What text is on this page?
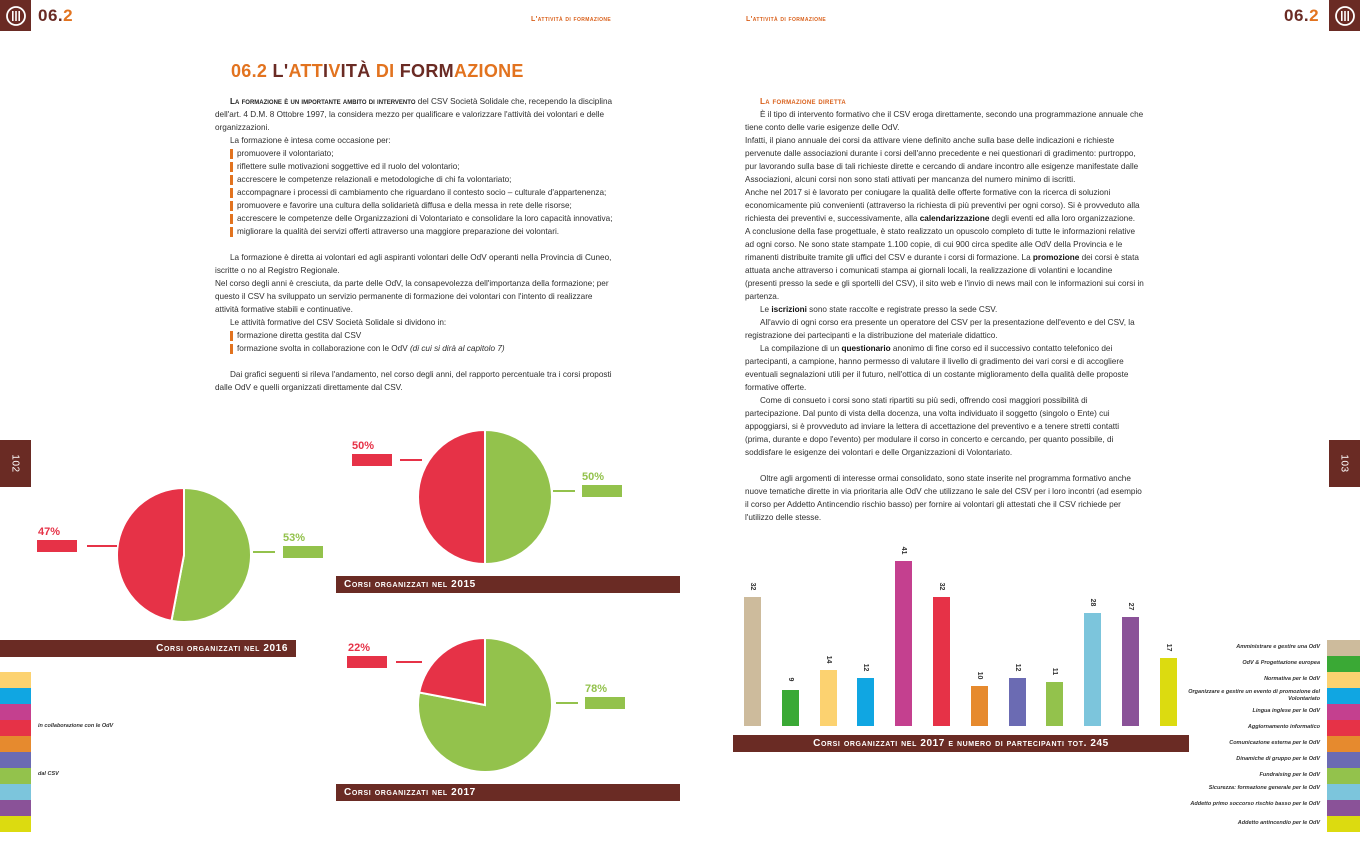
06.2	L'attività di formazione	L'attività di formazione	06.2
06.2 L'ATTIVITÀ DI FORMAZIONE

La formazione è un importante ambito di intervento del CSV Società Solidale che, recependo la disciplina dell'art. 4 D.M. 8 Ottobre 1997, la considera mezzo per qualificare e valorizzare l'attività dei volontari e delle organizzazioni.

La formazione è intesa come occasione per:

promuovere il volontariato;

riflettere sulle motivazioni soggettive ed il ruolo del volontario;

accrescere le competenze relazionali e metodologiche di chi fa volontariato;

accompagnare i processi di cambiamento che riguardano il contesto socio – culturale d'appartenenza;

promuovere e favorire una cultura della solidarietà diffusa e della messa in rete delle risorse;

accrescere le competenze delle Organizzazioni di Volontariato e consolidare la loro capacità innovativa;

migliorare la qualità dei servizi offerti attraverso una maggiore preparazione dei volontari.

La formazione è diretta ai volontari ed agli aspiranti volontari delle OdV operanti nella Provincia di Cuneo, iscritte o no al Registro Regionale.

Nel corso degli anni è cresciuta, da parte delle OdV, la consapevolezza dell'importanza della formazione; per questo il CSV ha sviluppato un servizio permanente di formazione dei volontari con l'intento di realizzare attività formative stabili e continuative.

Le attività formative del CSV Società Solidale si dividono in:

formazione diretta gestita dal CSV

formazione svolta in collaborazione con le OdV (di cui si dirà al capitolo 7)

Dai grafici seguenti si rileva l'andamento, nel corso degli anni, del rapporto percentuale tra i corsi proposti dalle OdV e quelli organizzati direttamente dal CSV.

La formazione diretta

È il tipo di intervento formativo che il CSV eroga direttamente, secondo una programmazione annuale che tiene conto delle varie esigenze delle OdV.

Infatti, il piano annuale dei corsi da attivare viene definito anche sulla base delle indicazioni e richieste pervenute dalle associazioni durante i corsi dell'anno precedente e nei questionari di gradimento: purtroppo, pur lavorando sulla base di tali richieste dirette e cercando di andare incontro alle esigenze manifestate dalle Associazioni, alcuni corsi non sono stati attivati per mancanza del numero minimo di iscritti.

Anche nel 2017 si è lavorato per coniugare la qualità delle offerte formative con la ricerca di soluzioni economicamente più convenienti (attraverso la richiesta di più preventivi per ogni corso). Si è provveduto alla richiesta dei preventivi e, successivamente, alla calendarizzazione degli eventi ed alla loro organizzazione.

A conclusione della fase progettuale, è stato realizzato un opuscolo completo di tutte le informazioni relative ad ogni corso. Ne sono state stampate 1.100 copie, di cui 900 circa spedite alle OdV della Provincia e le rimanenti distribuite tramite gli uffici del CSV e durante i corsi di formazione. La promozione dei corsi è stata attuata anche attraverso i comunicati stampa ai giornali locali, la realizzazione di volantini e locandine (presenti presso la sede e gli sportelli del CSV), il sito web e l'invio di news mail con le informazioni sui corsi in partenza.

Le iscrizioni sono state raccolte e registrate presso la sede CSV.

All'avvio di ogni corso era presente un operatore del CSV per la presentazione dell'evento e del CSV, la registrazione dei partecipanti e la distribuzione del materiale didattico.

La compilazione di un questionario anonimo di fine corso ed il successivo contatto telefonico dei partecipanti, a campione, hanno permesso di valutare il livello di gradimento dei vari corsi e di accogliere eventuali segnalazioni utili per il futuro, nell'ottica di un costante miglioramento della qualità delle proposte formative offerte.

Come di consueto i corsi sono stati ripartiti su più sedi, offrendo così maggiori possibilità di partecipazione. Dal punto di vista della docenza, una volta individuato il soggetto (singolo o Ente) cui appoggiarsi, si è provveduto ad inviare la lettera di accettazione del preventivo e a tenere stretti contatti (prima, durante e dopo l'evento) per modulare il corso in concerto e cercando, per quanto possibile, di soddisfare le esigenze dei volontari e delle Organizzazioni di Volontariato.

Oltre agli argomenti di interesse ormai consolidato, sono state inserite nel programma formativo anche nuove tematiche dirette in via prioritaria alle OdV che utilizzano le sale del CSV per i loro incontri (ad esempio il corso per Addetto Antincendio rischio basso) per fornire ai volontari gli attestati che il CSV richiede per l'utilizzo delle stesse.

102	103
47%	53%
Corsi organizzati nel 2016
50%
50%
Corsi organizzati nel 2015
22%
78%
Corsi organizzati nel 2017
in collaborazione con le OdV
dal CSV
32
9
14
12
41
32
10
12
11
28
27
17
Corsi organizzati nel 2017 e numero di partecipanti tot. 245
Amministrare e gestire una OdV
OdV & Progettazione europea
Normativa per le OdV
Organizzare e gestire un evento di promozione del Volontariato
Lingua inglese per le OdV
Aggiornamento informatico
Comunicazione esterna per le OdV
Dinamiche di gruppo per le OdV
Fundraising per le OdV
Sicurezza: formazione generale per le OdV
Addetto primo soccorso rischio basso per le OdV
Addetto antincendio per le OdV
